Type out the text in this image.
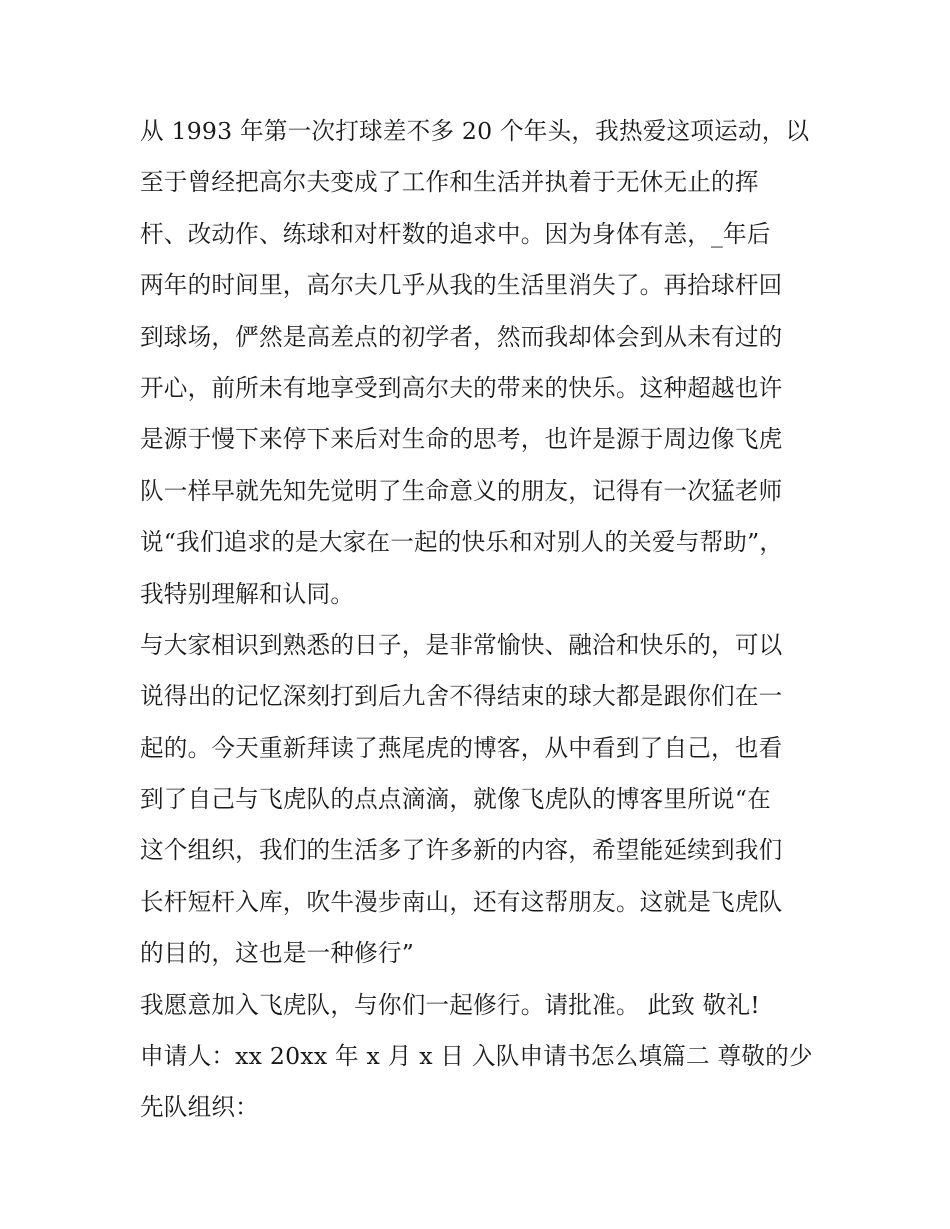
从 1993 年第一次打球差不多 20 个年头，我热爱这项运动，以
至于曾经把高尔夫变成了工作和生活并执着于无休无止的挥
杆、改动作、练球和对杆数的追求中。因为身体有恙，_年后
两年的时间里，高尔夫几乎从我的生活里消失了。再拾球杆回
到球场，俨然是高差点的初学者，然而我却体会到从未有过的
开心，前所未有地享受到高尔夫的带来的快乐。这种超越也许
是源于慢下来停下来后对生命的思考，也许是源于周边像飞虎
队一样早就先知先觉明了生命意义的朋友，记得有一次猛老师
说“我们追求的是大家在一起的快乐和对别人的关爱与帮助”，
我特别理解和认同。
与大家相识到熟悉的日子，是非常愉快、融洽和快乐的，可以
说得出的记忆深刻打到后九舍不得结束的球大都是跟你们在一
起的。今天重新拜读了燕尾虎的博客，从中看到了自己，也看
到了自己与飞虎队的点点滴滴，就像飞虎队的博客里所说“在
这个组织，我们的生活多了许多新的内容，希望能延续到我们
长杆短杆入库，吹牛漫步南山，还有这帮朋友。这就是飞虎队
的目的，这也是一种修行”
我愿意加入飞虎队，与你们一起修行。请批准。 此致 敬礼!
申请人：xx 20xx 年 x 月 x 日 入队申请书怎么填篇二 尊敬的少
先队组织：
